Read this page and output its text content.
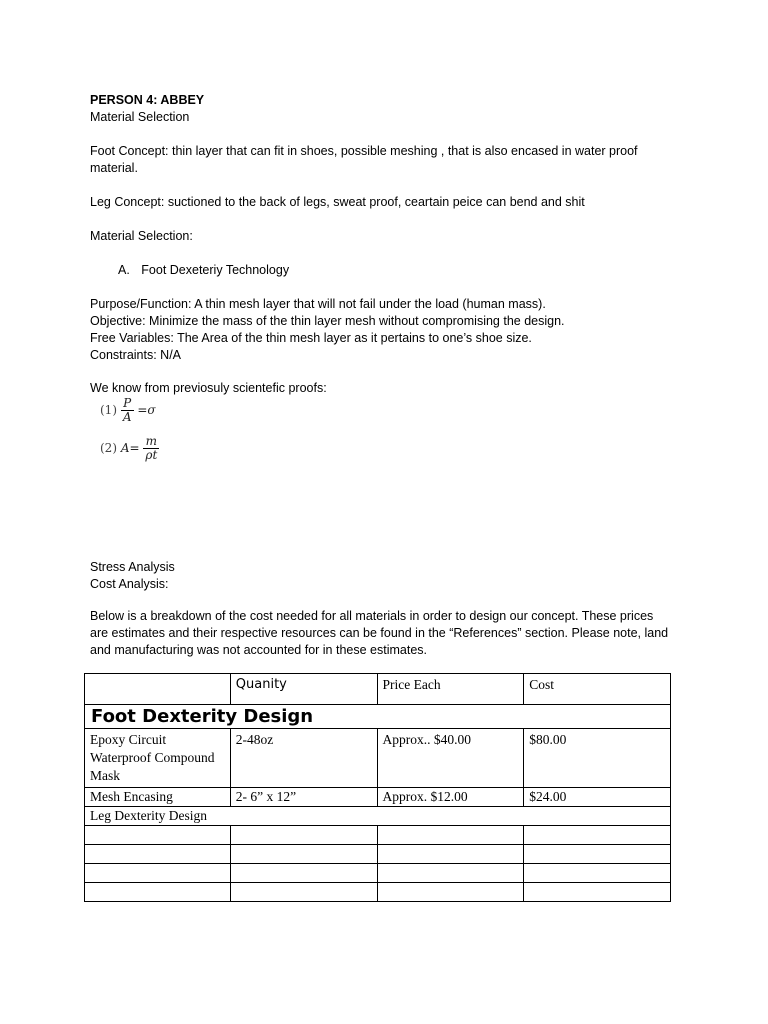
PERSON 4: ABBEY
Material Selection
Foot Concept: thin layer that can fit in shoes, possible meshing , that is also encased in water proof material.
Leg Concept: suctioned to the back of legs, sweat proof, ceartain peice can bend and shit
Material Selection:
A. Foot Dexeteriy Technology
Purpose/Function: A thin mesh layer that will not fail under the load (human mass).
Objective: Minimize the mass of the thin layer mesh without compromising the design.
Free Variables: The Area of the thin mesh layer as it pertains to one’s shoe size.
Constraints: N/A
We know from previosuly scientefic proofs:
$(1) \frac{P}{A} =\sigma$
(2) $A= \frac{m}{\rho t}$
Stress Analysis
Cost Analysis:
Below is a breakdown of the cost needed for all materials in order to design our concept. These prices are estimates and their respective resources can be found in the “References” section. Please note, land and manufacturing was not accounted for in these estimates.
	Quanity	Price Each	Cost
Foot Dexterity Design			
Epoxy Circuit Waterproof Compound Mask	2-48oz	Approx.. $40.00	$80.00
Mesh Encasing	2- 6” x 12”	Approx. $12.00	$24.00
Leg Dexterity Design			
